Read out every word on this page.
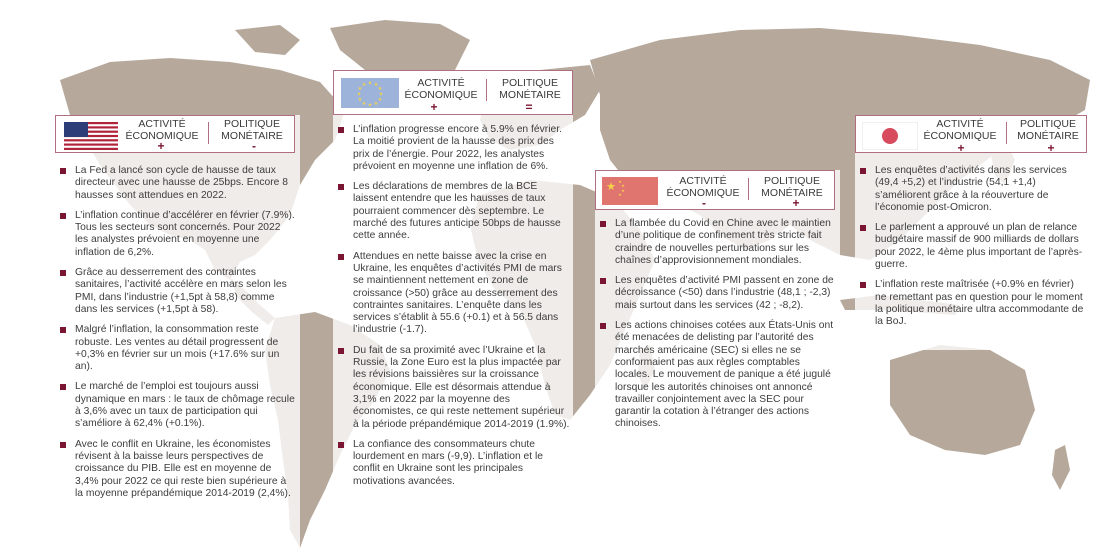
ACTIVITÉ
ÉCONOMIQUE
POLITIQUE
MONÉTAIRE
+	-
La Fed a lancé son cycle de hausse de taux directeur avec une hausse de 25bps. Encore 8 hausses sont attendues en 2022.
L’inflation continue d’accélérer en février (7.9%). Tous les secteurs sont concernés. Pour 2022 les analystes prévoient en moyenne une inflation de 6,2%.
Grâce au desserrement des contraintes sanitaires, l’activité accélère en mars selon les PMI, dans l’industrie (+1,5pt à 58,8) comme dans les services (+1,5pt à 58).
Malgré l’inflation, la consommation reste robuste. Les ventes au détail progressent de +0,3% en février sur un mois (+17.6% sur un an).
Le marché de l’emploi est toujours aussi dynamique en mars : le taux de chômage recule à 3,6% avec un taux de participation qui s’améliore à 62,4% (+0.1%).
Avec le conflit en Ukraine, les économistes révisent à la baisse leurs perspectives de croissance du PIB. Elle est en moyenne de 3,4% pour 2022 ce qui reste bien supérieure à la moyenne prépandémique 2014-2019 (2,4%).
★ ★
★
★
★
★
★
★
★
★
★
★	ACTIVITÉ
ÉCONOMIQUE
POLITIQUE
MONÉTAIRE
+	=
L’inflation progresse encore à 5.9% en février. La moitié provient de la hausse des prix des prix de l’énergie. Pour 2022, les analystes prévoient en moyenne une inflation de 6%.
Les déclarations de membres de la BCE laissent entendre que les hausses de taux pourraient commencer dès septembre. Le marché des futures anticipe 50bps de hausse cette année.
Attendues en nette baisse avec la crise en Ukraine, les enquêtes d’activités PMI de mars se maintiennent nettement en zone de croissance (>50) grâce au desserrement des contraintes sanitaires. L’enquête dans les services s’établit à 55.6 (+0.1) et à 56.5 dans l’industrie (-1.7).
Du fait de sa proximité avec l’Ukraine et la Russie, la Zone Euro est la plus impactée par les révisions baissières sur la croissance économique. Elle est désormais attendue à 3,1% en 2022 par la moyenne des économistes, ce qui reste nettement supérieur à la période prépandémique 2014-2019 (1.9%).
La confiance des consommateurs chute lourdement en mars (-9,9). L’inflation et le conflit en Ukraine sont les principales motivations avancées.
★ ★
★
★
★
ACTIVITÉ
ÉCONOMIQUE
POLITIQUE
MONÉTAIRE
-	+
La flambée du Covid en Chine avec le maintien d’une politique de confinement très stricte fait craindre de nouvelles perturbations sur les chaînes d’approvisionnement mondiales.
Les enquêtes d’activité PMI passent en zone de décroissance (<50) dans l’industrie (48,1 ; -2,3) mais surtout dans les services (42 ; -8,2).
Les actions chinoises cotées aux États-Unis ont été menacées de delisting par l’autorité des marchés américaine (SEC) si elles ne se conformaient pas aux règles comptables locales. Le mouvement de panique a été jugulé lorsque les autorités chinoises ont annoncé travailler conjointement avec la SEC pour garantir la cotation à l’étranger des actions chinoises.
ACTIVITÉ
ÉCONOMIQUE
POLITIQUE
MONÉTAIRE
+	+
Les enquêtes d’activités dans les services (49,4 +5,2) et l’industrie (54,1 +1,4) s’améliorent grâce à la réouverture de l’économie post-Omicron.
Le parlement a approuvé un plan de relance budgétaire massif de 900 milliards de dollars pour 2022, le 4ème plus important de l’après-guerre.
L’inflation reste maîtrisée (+0.9% en février) ne remettant pas en question pour le moment la politique monétaire ultra accommodante de la BoJ.
